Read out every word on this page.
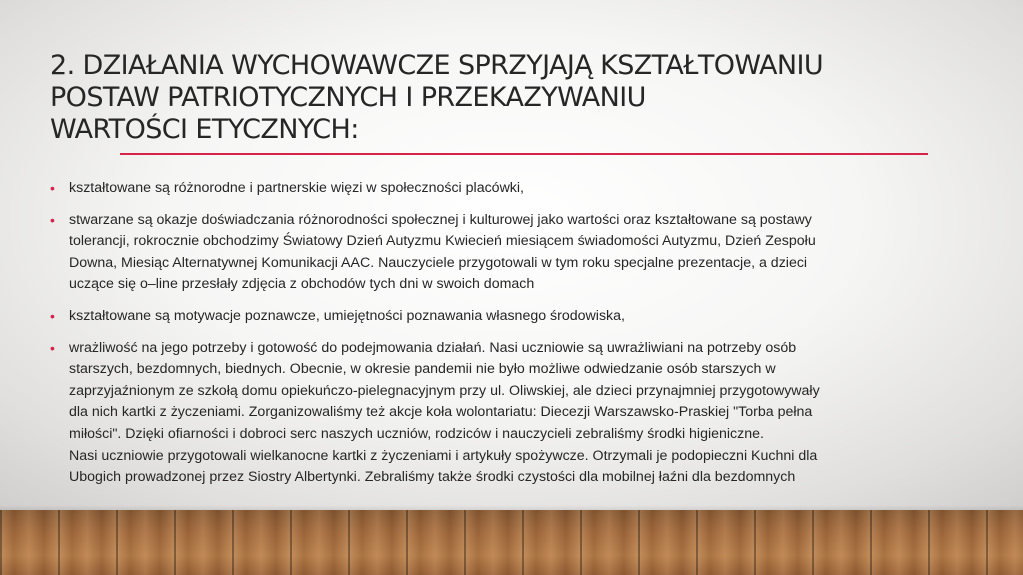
2. DZIAŁANIA WYCHOWAWCZE SPRZYJAJĄ KSZTAŁTOWANIU
POSTAW PATRIOTYCZNYCH I PRZEKAZYWANIU
WARTOŚCI ETYCZNYCH:
• kształtowane są różnorodne i partnerskie więzi w społeczności placówki,
• stwarzane są okazje doświadczania różnorodności społecznej i kulturowej jako wartości oraz kształtowane są postawy
tolerancji, rokrocznie obchodzimy Światowy Dzień Autyzmu Kwiecień miesiącem świadomości Autyzmu, Dzień Zespołu
Downa, Miesiąc Alternatywnej Komunikacji AAC. Nauczyciele przygotowali w tym roku specjalne prezentacje, a dzieci
uczące się o–line przesłały zdjęcia z obchodów tych dni w swoich domach
• kształtowane są motywacje poznawcze, umiejętności poznawania własnego środowiska,
• wrażliwość na jego potrzeby i gotowość do podejmowania działań. Nasi uczniowie są uwrażliwiani na potrzeby osób
starszych, bezdomnych, biednych. Obecnie, w okresie pandemii nie było możliwe odwiedzanie osób starszych w
zaprzyjaźnionym ze szkołą domu opiekuńczo-pielegnacyjnym przy ul. Oliwskiej, ale dzieci przynajmniej przygotowywały
dla nich kartki z życzeniami. Zorganizowaliśmy też akcje koła wolontariatu: Diecezji Warszawsko-Praskiej "Torba pełna
miłości". Dzięki ofiarności i dobroci serc naszych uczniów, rodziców i nauczycieli zebraliśmy środki higieniczne.
Nasi uczniowie przygotowali wielkanocne kartki z życzeniami i artykuły spożywcze. Otrzymali je podopieczni Kuchni dla
Ubogich prowadzonej przez Siostry Albertynki. Zebraliśmy także środki czystości dla mobilnej łaźni dla bezdomnych
